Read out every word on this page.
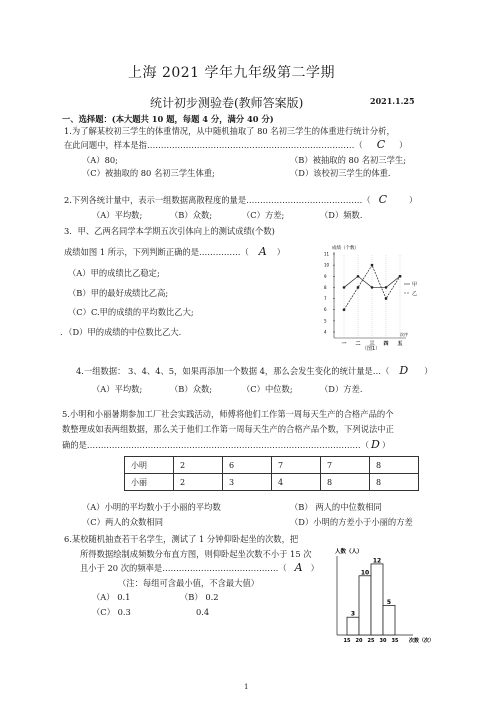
上海 2021 学年九年级第二学期
统计初步测验卷(教师答案版)	2021.1.25
一、选择题：(本大题共 10 题，每题 4 分，满分 40 分)
1.为了解某校初三学生的体重情况，从中随机抽取了 80 名初三学生的体重进行统计分析，
在此问题中，样本是指…………………………………………………………………（ C ）
（A）80;	（B）被抽取的 80 名初三学生;
（C）被抽取的 80 名初三学生体重;	（D）该校初三学生的体重.
2.下列各统计量中，表示一组数据离散程度的量是……………………………………（ C	）
（A）平均数;	（B）众数;	（C）方差;	（D）频数.
3．甲、乙两名同学本学期五次引体向上的测试成绩(个数)
成绩如图 1 所示，下列判断正确的是……………（ A ）
（A）甲的成绩比乙稳定;
（B）甲的最好成绩比乙高;
（C）C.甲的成绩的平均数比乙大;
．（D）甲的成绩的中位数比乙大.
成绩（个数）
4
5
6
7
8
9
10
11
一 二 三 四 五
次序
甲
乙
（图1）
4.一组数据： 3、4、4、5，如果再添加一个数据 4，那么会发生变化的统计量是…（ D ）
（A）平均数;	（B）众数;	（C）中位数;	（D）方差.
5.小明和小丽暑期参加工厂社会实践活动，师傅将他们工作第一周每天生产的合格产品的个
数整理成如表两组数据，那么关于他们工作第一周每天生产的合格产品个数，下列说法中正
确的是………………………………………………………………………………………（ D ）
小明	2	6	7	7	8
小丽	2	3	4	8	8
（A）小明的平均数小于小丽的平均数	（B） 两人的中位数相同
（C）两人的众数相同	（D）小明的方差小于小丽的方差
6.某校随机抽查若干名学生，测试了 1 分钟仰卧起坐的次数，把
所得数据绘制成频数分布直方图，则仰卧起坐次数不小于 15 次
且小于 20 次的频率是……………………………………（ A ）
（注：每组可含最小值，不含最大值）
（A） 0.1	（B） 0.2
（C） 0.3	0.4
人数（人）
3
10
12
5
15 20 25 30 35 次数（次）
1
